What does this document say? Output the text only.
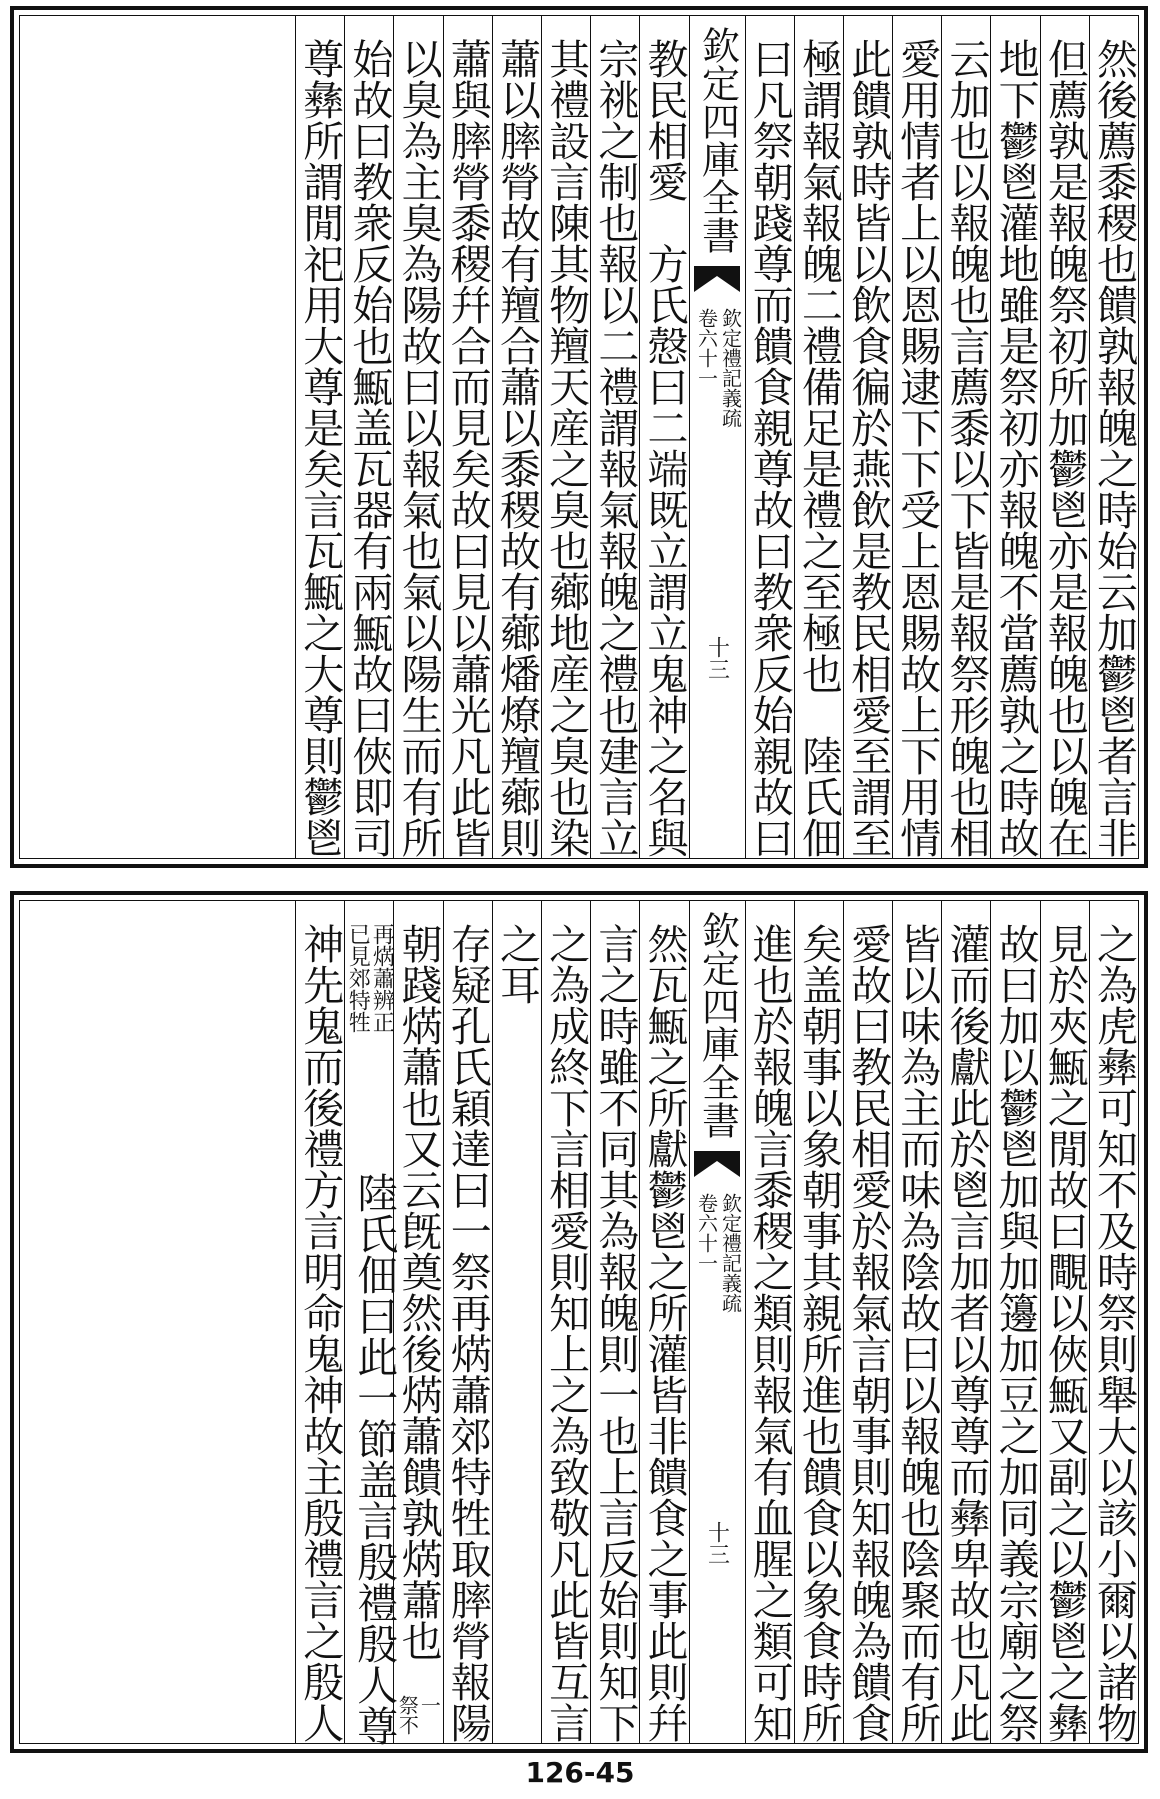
然後薦黍稷也饋孰報魄之時始云加鬱鬯者言非
但薦孰是報魄祭初所加鬱鬯亦是報魄也以魄在
地下鬱鬯灌地雖是祭初亦報魄不當薦孰之時故
云加也以報魄也言薦黍以下皆是報祭形魄也相
愛用情者上以恩賜逮下下受上恩賜故上下用情
此饋孰時皆以飲食徧於燕飲是教民相愛至謂至
極謂報氣報魄二禮備足是禮之至極也　陸氏佃
曰凡祭朝踐尊而饋食親尊故曰教衆反始親故曰
欽定四庫全書
欽定禮記義疏
卷六十一
十三
教民相愛　方氏慤曰二端既立謂立鬼神之名與
宗祧之制也報以二禮謂報氣報魄之禮也建言立
其禮設言陳其物羶天産之臭也薌地産之臭也染
蕭以膟膋故有羶合蕭以黍稷故有薌燔燎羶薌則
蕭與膟膋黍稷幷合而見矣故曰見以蕭光凡此皆
以臭為主臭為陽故曰以報氣也氣以陽生而有所
始故曰教衆反始也甒盖瓦器有兩甒故曰俠即司
尊彝所謂閒祀用大尊是矣言瓦甒之大尊則鬱鬯
之為虎彝可知不及時祭則舉大以該小爾以諸物
見於夾甒之閒故曰覸以俠甒又副之以鬱鬯之彝
故曰加以鬱鬯加與加籩加豆之加同義宗廟之祭
灌而後獻此於鬯言加者以尊尊而彝卑故也凡此
皆以味為主而味為陰故曰以報魄也陰聚而有所
愛故曰教民相愛於報氣言朝事則知報魄為饋食
矣盖朝事以象朝事其親所進也饋食以象食時所
進也於報魄言黍稷之類則報氣有血腥之類可知
欽定四庫全書
欽定禮記義疏
卷六十一
十三
然瓦甒之所獻鬱鬯之所灌皆非饋食之事此則幷
言之時雖不同其為報魄則一也上言反始則知下
之為成終下言相愛則知上之為致敬凡此皆互言
之耳
存疑孔氏穎達曰一祭再焫蕭郊特牲取膟膋報陽
朝踐焫蕭也又云旣奠然後焫蕭饋孰焫蕭也
一
祭不
再焫蕭辨正
已見郊特牲
　陸氏佃曰此一節盖言殷禮殷人尊
神先鬼而後禮方言明命鬼神故主殷禮言之殷人
126-45
